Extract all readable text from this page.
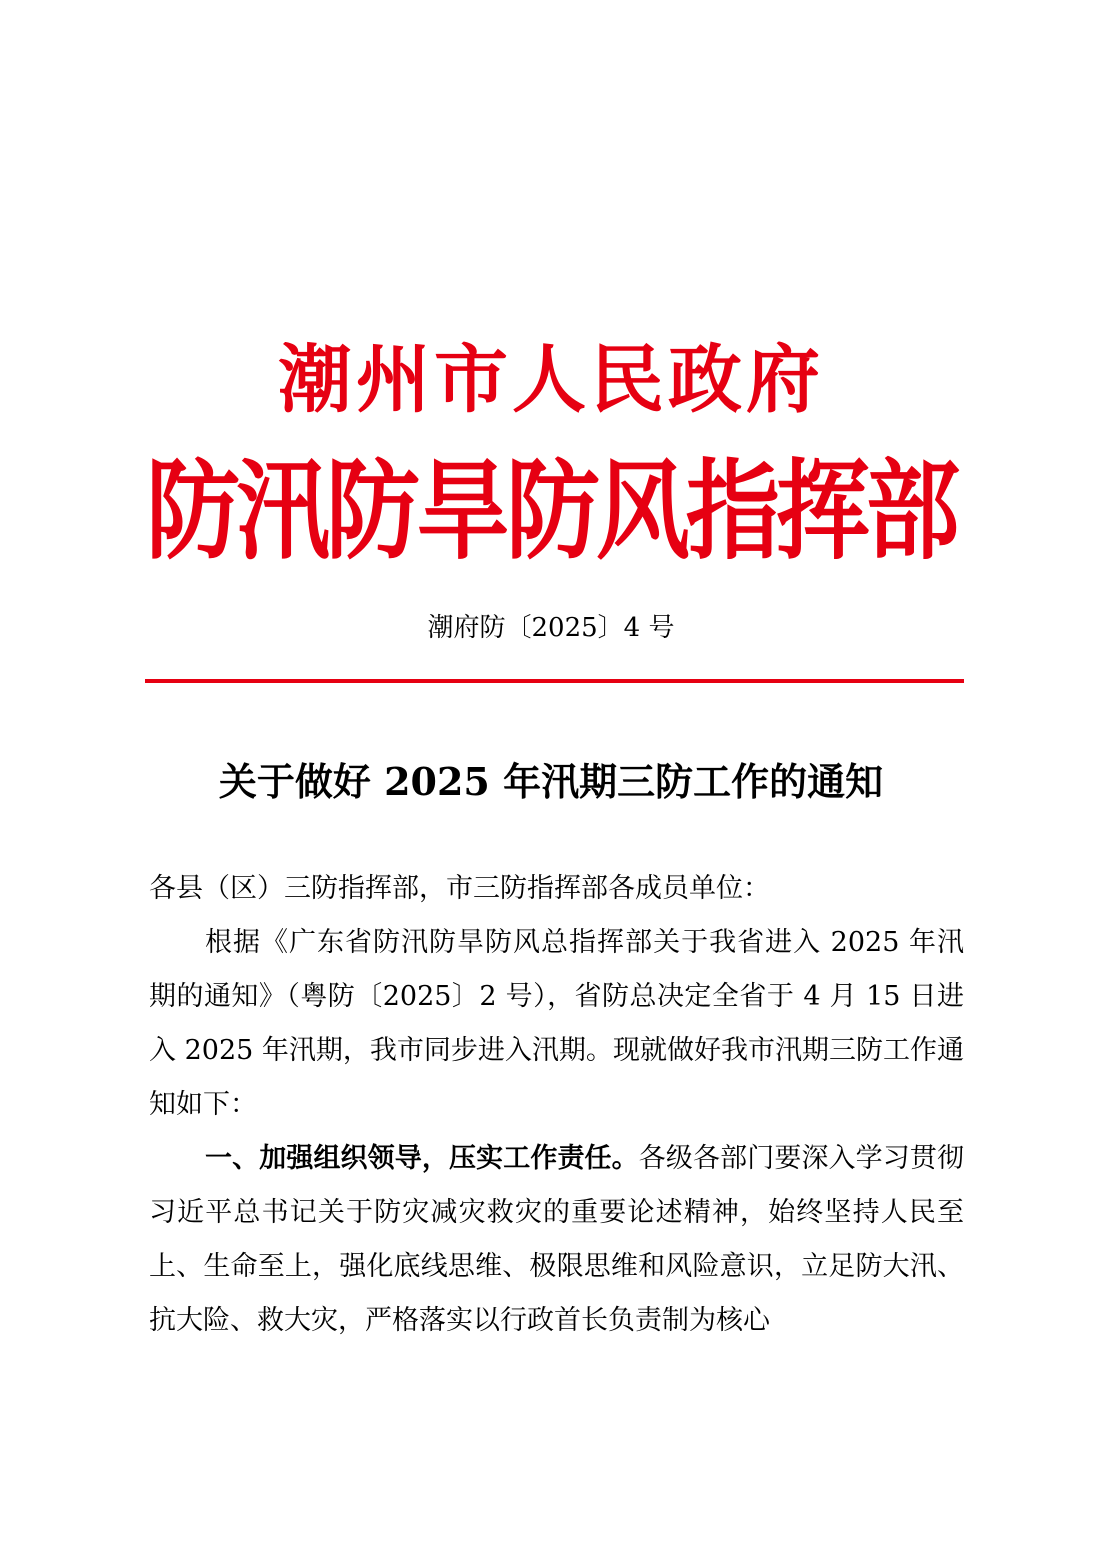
潮州市人民政府
防汛防旱防风指挥部
潮府防〔2025〕4 号
关于做好 2025 年汛期三防工作的通知

各县（区）三防指挥部，市三防指挥部各成员单位：

根据《广东省防汛防旱防风总指挥部关于我省进入 2025 年汛期的通知》（粤防〔2025〕2 号），省防总决定全省于 4 月 15 日进入 2025 年汛期，我市同步进入汛期。现就做好我市汛期三防工作通知如下：

一、加强组织领导，压实工作责任。各级各部门要深入学习贯彻习近平总书记关于防灾减灾救灾的重要论述精神，始终坚持人民至上、生命至上，强化底线思维、极限思维和风险意识，立足防大汛、抗大险、救大灾，严格落实以行政首长负责制为核心
